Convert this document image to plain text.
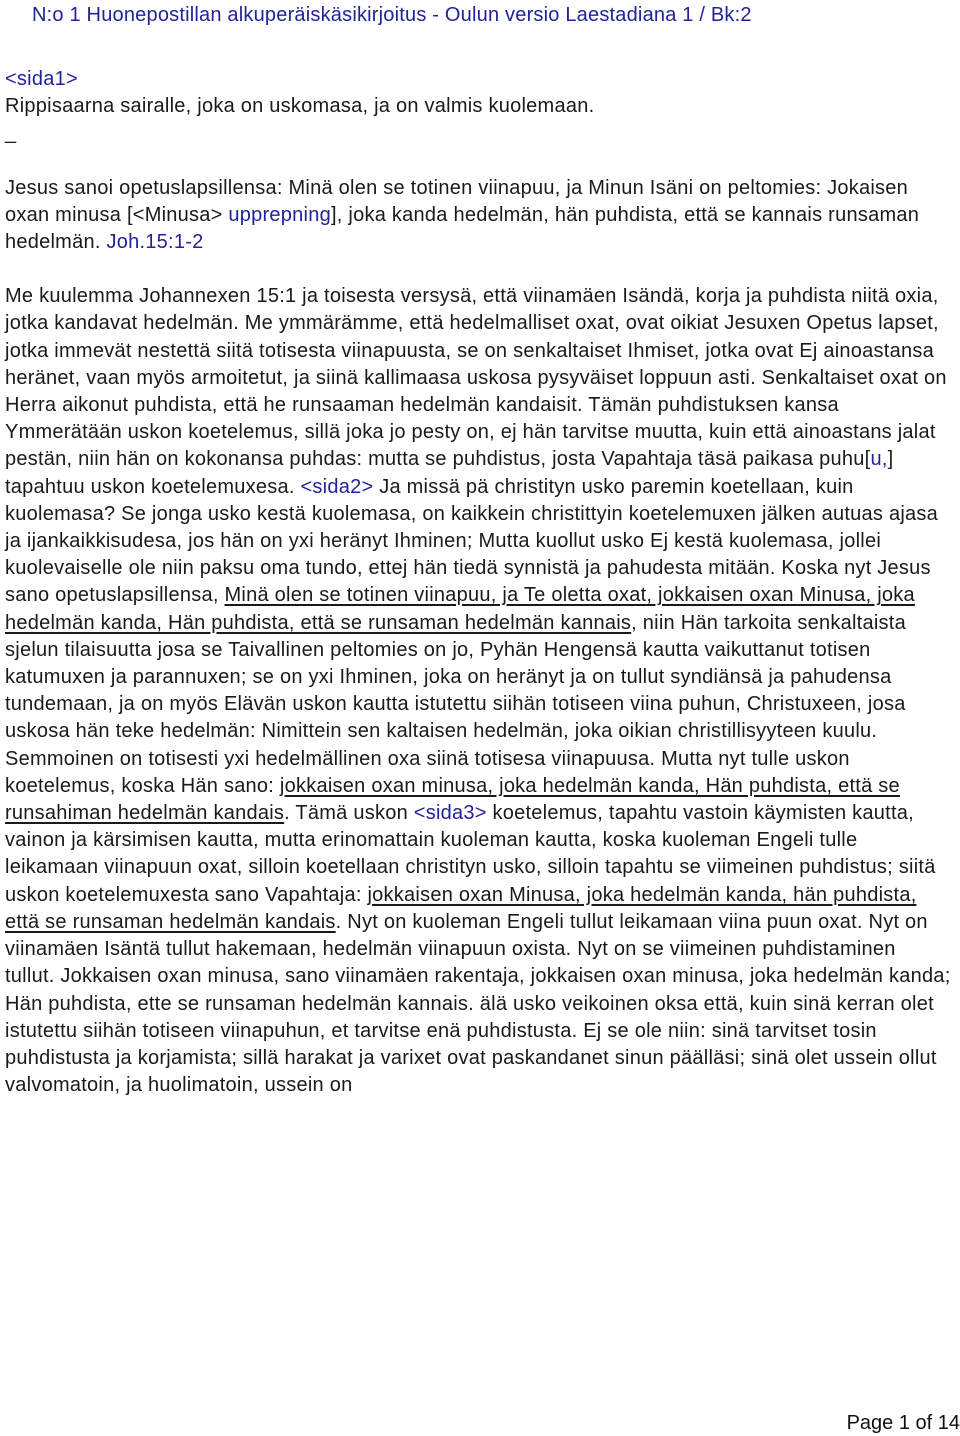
N:o 1 Huonepostillan alkuperäiskäsikirjoitus - Oulun versio Laestadiana 1 / Bk:2

<sida1>

Rippisaarna sairalle, joka on uskomasa, ja on valmis kuolemaan.

_

Jesus sanoi opetuslapsillensa: Minä olen se totinen viinapuu, ja Minun Isäni on peltomies: Jokaisen oxan minusa [<Minusa> upprepning], joka kanda hedelmän, hän puhdista, että se kannais runsaman hedelmän. Joh.15:1-2

Me kuulemma Johannexen 15:1 ja toisesta versysä, että viinamäen Isändä, korja ja puhdista niitä oxia, jotka kandavat hedelmän. Me ymmärämme, että hedelmalliset oxat, ovat oikiat Jesuxen Opetus lapset, jotka immevät nestettä siitä totisesta viinapuusta, se on senkaltaiset Ihmiset, jotka ovat Ej ainoastansa heränet, vaan myös armoitetut, ja siinä kallimaasa uskosa pysyväiset loppuun asti. Senkaltaiset oxat on Herra aikonut puhdista, että he runsaaman hedelmän kandaisit. Tämän puhdistuksen kansa Ymmerätään uskon koetelemus, sillä joka jo pesty on, ej hän tarvitse muutta, kuin että ainoastans jalat pestän, niin hän on kokonansa puhdas: mutta se puhdistus, josta Vapahtaja täsä paikasa puhu[u,] tapahtuu uskon koetelemuxesa. <sida2> Ja missä pä christityn usko paremin koetellaan, kuin kuolemasa? Se jonga usko kestä kuolemasa, on kaikkein christittyin koetelemuxen jälken autuas ajasa ja ijankaikkisudesa, jos hän on yxi heränyt Ihminen; Mutta kuollut usko Ej kestä kuolemasa, jollei kuolevaiselle ole niin paksu oma tundo, ettej hän tiedä synnistä ja pahudesta mitään. Koska nyt Jesus sano opetuslapsillensa, Minä olen se totinen viinapuu, ja Te oletta oxat, jokkaisen oxan Minusa, joka hedelmän kanda, Hän puhdista, että se runsaman hedelmän kannais, niin Hän tarkoita senkaltaista sjelun tilaisuutta josa se Taivallinen peltomies on jo, Pyhän Hengensä kautta vaikuttanut totisen katumuxen ja parannuxen; se on yxi Ihminen, joka on heränyt ja on tullut syndiänsä ja pahudensa tundemaan, ja on myös Elävän uskon kautta istutettu siihän totiseen viina puhun, Christuxeen, josa uskosa hän teke hedelmän: Nimittein sen kaltaisen hedelmän, joka oikian christillisyyteen kuulu. Semmoinen on totisesti yxi hedelmällinen oxa siinä totisesa viinapuusa. Mutta nyt tulle uskon koetelemus, koska Hän sano: jokkaisen oxan minusa, joka hedelmän kanda, Hän puhdista, että se runsahiman hedelmän kandais. Tämä uskon <sida3> koetelemus, tapahtu vastoin käymisten kautta, vainon ja kärsimisen kautta, mutta erinomattain kuoleman kautta, koska kuoleman Engeli tulle leikamaan viinapuun oxat, silloin koetellaan christityn usko, silloin tapahtu se viimeinen puhdistus; siitä uskon koetelemuxesta sano Vapahtaja: jokkaisen oxan Minusa, joka hedelmän kanda, hän puhdista, että se runsaman hedelmän kandais. Nyt on kuoleman Engeli tullut leikamaan viina puun oxat. Nyt on viinamäen Isäntä tullut hakemaan, hedelmän viinapuun oxista. Nyt on se viimeinen puhdistaminen tullut. Jokkaisen oxan minusa, sano viinamäen rakentaja, jokkaisen oxan minusa, joka hedelmän kanda; Hän puhdista, ette se runsaman hedelmän kannais. älä usko veikoinen oksa että, kuin sinä kerran olet istutettu siihän totiseen viinapuhun, et tarvitse enä puhdistusta. Ej se ole niin: sinä tarvitset tosin puhdistusta ja korjamista; sillä harakat ja varixet ovat paskandanet sinun päälläsi; sinä olet ussein ollut valvomatoin, ja huolimatoin, ussein on

Page 1 of 14
